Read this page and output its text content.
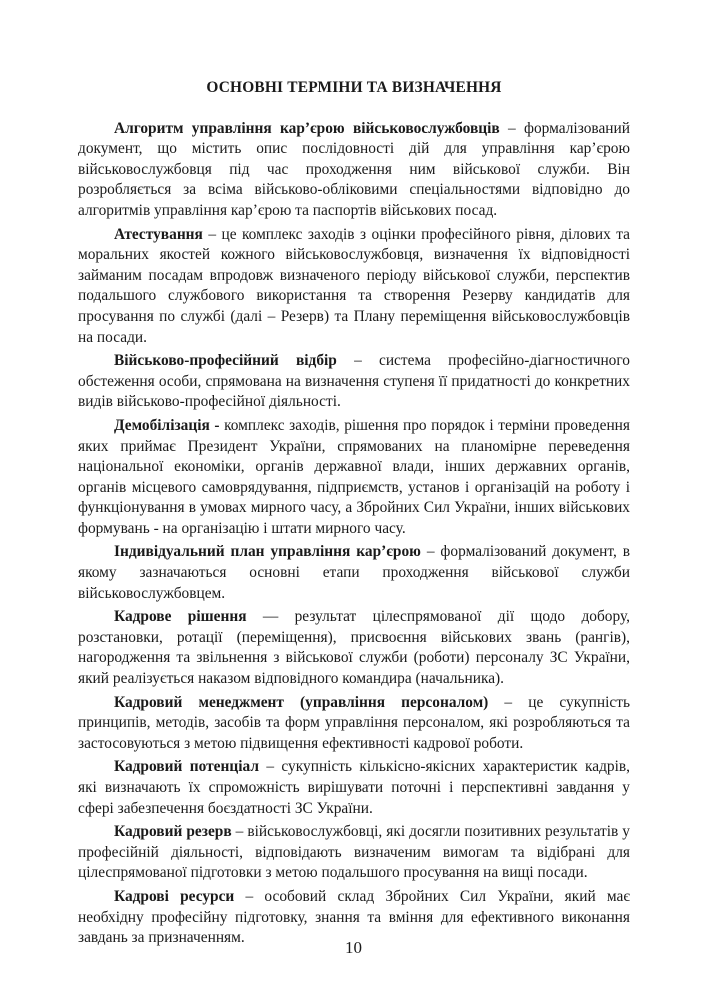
ОСНОВНІ ТЕРМІНИ ТА ВИЗНАЧЕННЯ

Алгоритм управління кар’єрою військовослужбовців – формалізований документ, що містить опис послідовності дій для управління кар’єрою військовослужбовця під час проходження ним військової служби. Він розробляється за всіма військово-обліковими спеціальностями відповідно до алгоритмів управління кар’єрою та паспортів військових посад.

Атестування – це комплекс заходів з оцінки професійного рівня, ділових та моральних якостей кожного військовослужбовця, визначення їх відповідності займаним посадам впродовж визначеного періоду військової служби, перспектив подальшого службового використання та створення Резерву кандидатів для просування по службі (далі – Резерв) та Плану переміщення військовослужбовців на посади.

Військово-професійний відбір – система професійно-діагностичного обстеження особи, спрямована на визначення ступеня її придатності до конкретних видів військово-професійної діяльності.

Демобілізація - комплекс заходів, рішення про порядок і терміни проведення яких приймає Президент України, спрямованих на планомірне переведення національної економіки, органів державної влади, інших державних органів, органів місцевого самоврядування, підприємств, установ і організацій на роботу і функціонування в умовах мирного часу, а Збройних Сил України, інших військових формувань - на організацію і штати мирного часу.

Індивідуальний план управління кар’єрою – формалізований документ, в якому зазначаються основні етапи проходження військової служби військовослужбовцем.

Кадрове рішення — результат цілеспрямованої дії щодо добору, розстановки, ротації (переміщення), присвоєння військових звань (рангів), нагородження та звільнення з військової служби (роботи) персоналу ЗС України, який реалізується наказом відповідного командира (начальника).

Кадровий менеджмент (управління персоналом) – це сукупність принципів, методів, засобів та форм управління персоналом, які розробляються та застосовуються з метою підвищення ефективності кадрової роботи.

Кадровий потенціал – сукупність кількісно-якісних характеристик кадрів, які визначають їх спроможність вирішувати поточні і перспективні завдання у сфері забезпечення боєздатності ЗС України.

Кадровий резерв – військовослужбовці, які досягли позитивних результатів у професійній діяльності, відповідають визначеним вимогам та відібрані для цілеспрямованої підготовки з метою подальшого просування на вищі посади.

Кадрові ресурси – особовий склад Збройних Сил України, який має необхідну професійну підготовку, знання та вміння для ефективного виконання завдань за призначенням.

10
